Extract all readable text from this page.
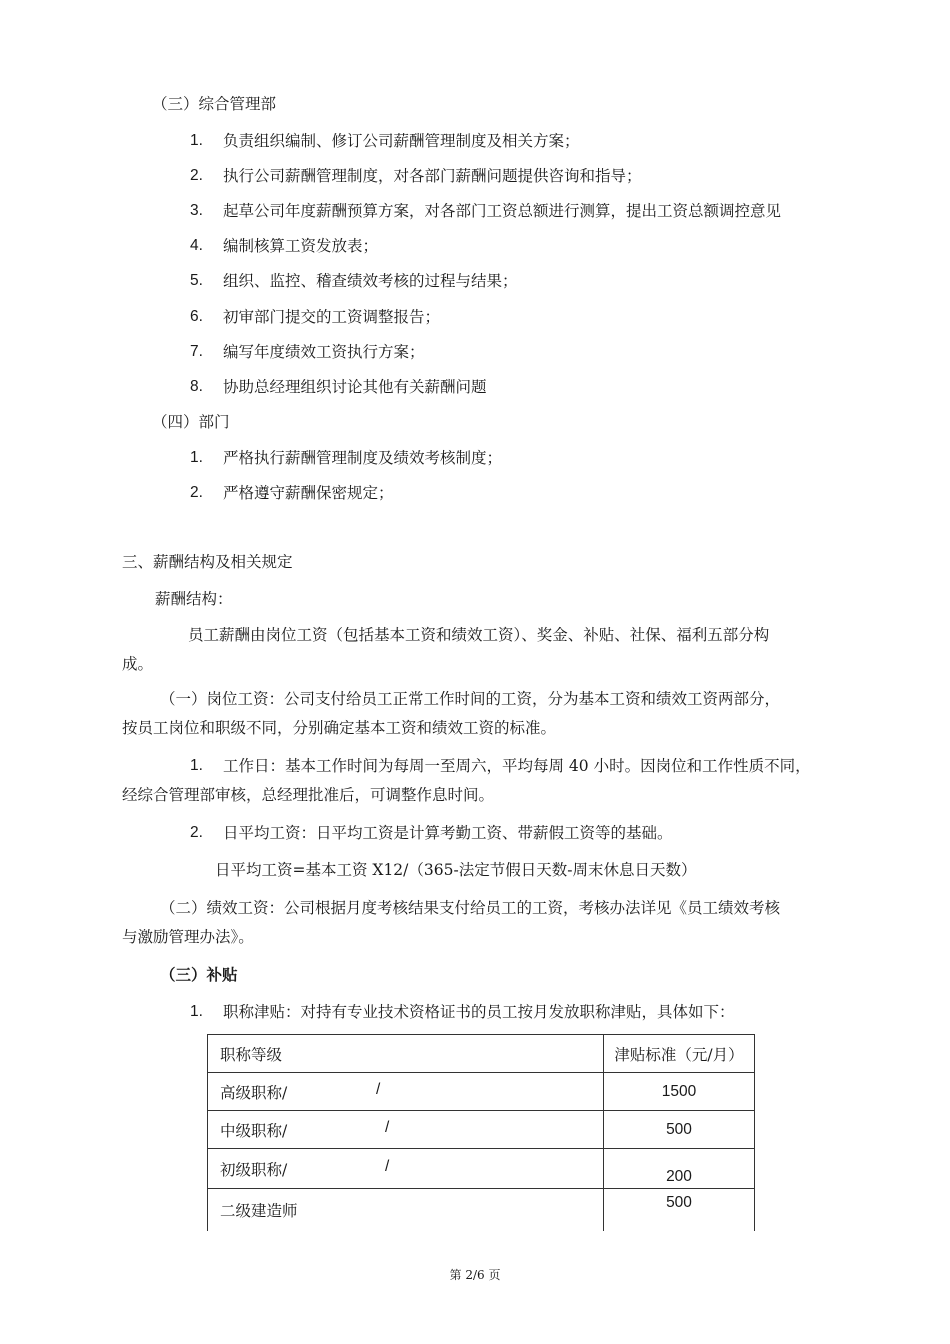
（三）综合管理部
1. 负责组织编制、修订公司薪酬管理制度及相关方案；
2. 执行公司薪酬管理制度，对各部门薪酬问题提供咨询和指导；
3. 起草公司年度薪酬预算方案，对各部门工资总额进行测算，提出工资总额调控意见
4. 编制核算工资发放表；
5. 组织、监控、稽查绩效考核的过程与结果；
6. 初审部门提交的工资调整报告；
7. 编写年度绩效工资执行方案；
8. 协助总经理组织讨论其他有关薪酬问题
（四）部门
1. 严格执行薪酬管理制度及绩效考核制度；
2. 严格遵守薪酬保密规定；
三、薪酬结构及相关规定
薪酬结构：
员工薪酬由岗位工资（包括基本工资和绩效工资）、奖金、补贴、社保、福利五部分构
成。
（一）岗位工资：公司支付给员工正常工作时间的工资，分为基本工资和绩效工资两部分，
按员工岗位和职级不同，分别确定基本工资和绩效工资的标准。
1. 工作日：基本工作时间为每周一至周六，平均每周 40 小时。因岗位和工作性质不同，
经综合管理部审核，总经理批准后，可调整作息时间。
2. 日平均工资：日平均工资是计算考勤工资、带薪假工资等的基础。
日平均工资=基本工资 X12/（365-法定节假日天数-周末休息日天数）
（二）绩效工资：公司根据月度考核结果支付给员工的工资，考核办法详见《员工绩效考核
与激励管理办法》。
（三）补贴
1. 职称津贴：对持有专业技术资格证书的员工按月发放职称津贴，具体如下：
职称等级	津贴标准（元/月）
高级职称/ /	1500
中级职称/ /	500
初级职称/ /	200
二级建造师	500
第 2/6 页
